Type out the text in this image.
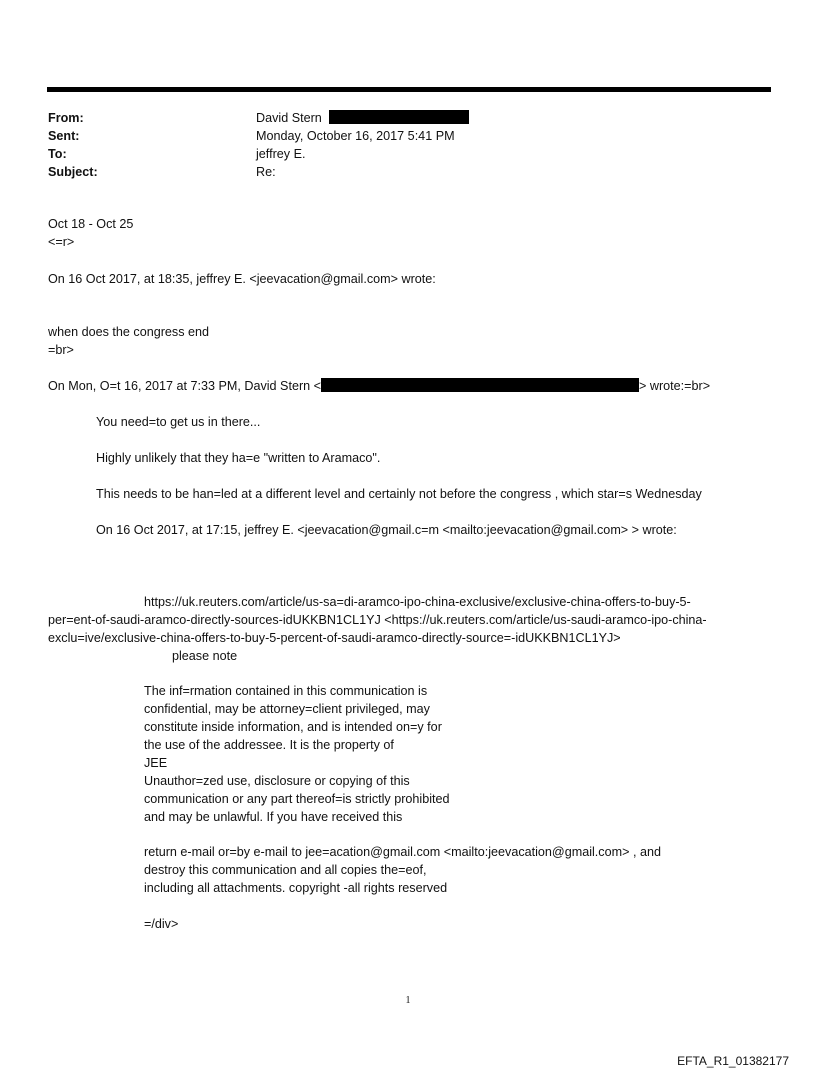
From:	David Stern
Sent:	Monday, October 16, 2017 5:41 PM
To:	jeffrey E.
Subject:	Re:
Oct 18 - Oct 25
<=r>
On 16 Oct 2017, at 18:35, jeffrey E. <jeevacation@gmail.com> wrote:
when does the congress end
=br>
On Mon, O=t 16, 2017 at 7:33 PM, David Stern <	> wrote:=br>
You need=to get us in there...
Highly unlikely that they ha=e "written to Aramaco".
This needs to be han=led at a different level and certainly not before the congress , which star=s Wednesday
On 16 Oct 2017, at 17:15, jeffrey E. <jeevacation@gmail.c=m <mailto:jeevacation@gmail.com> > wrote:
https://uk.reuters.com/article/us-sa=di-aramco-ipo-china-exclusive/exclusive-china-offers-to-buy-5-
per=ent-of-saudi-aramco-directly-sources-idUKKBN1CL1YJ <https://uk.reuters.com/article/us-saudi-aramco-ipo-china-
exclu=ive/exclusive-china-offers-to-buy-5-percent-of-saudi-aramco-directly-source=-idUKKBN1CL1YJ>
please note
The inf=rmation contained in this communication is
confidential, may be attorney=client privileged, may
constitute inside information, and is intended on=y for
the use of the addressee. It is the property of
JEE
Unauthor=zed use, disclosure or copying of this
communication or any part thereof=is strictly prohibited
and may be unlawful. If you have received this
return e-mail or=by e-mail to jee=acation@gmail.com <mailto:jeevacation@gmail.com> , and
destroy this communication and all copies the=eof,
including all attachments. copyright -all rights reserved
=/div>
1
EFTA_R1_01382177
